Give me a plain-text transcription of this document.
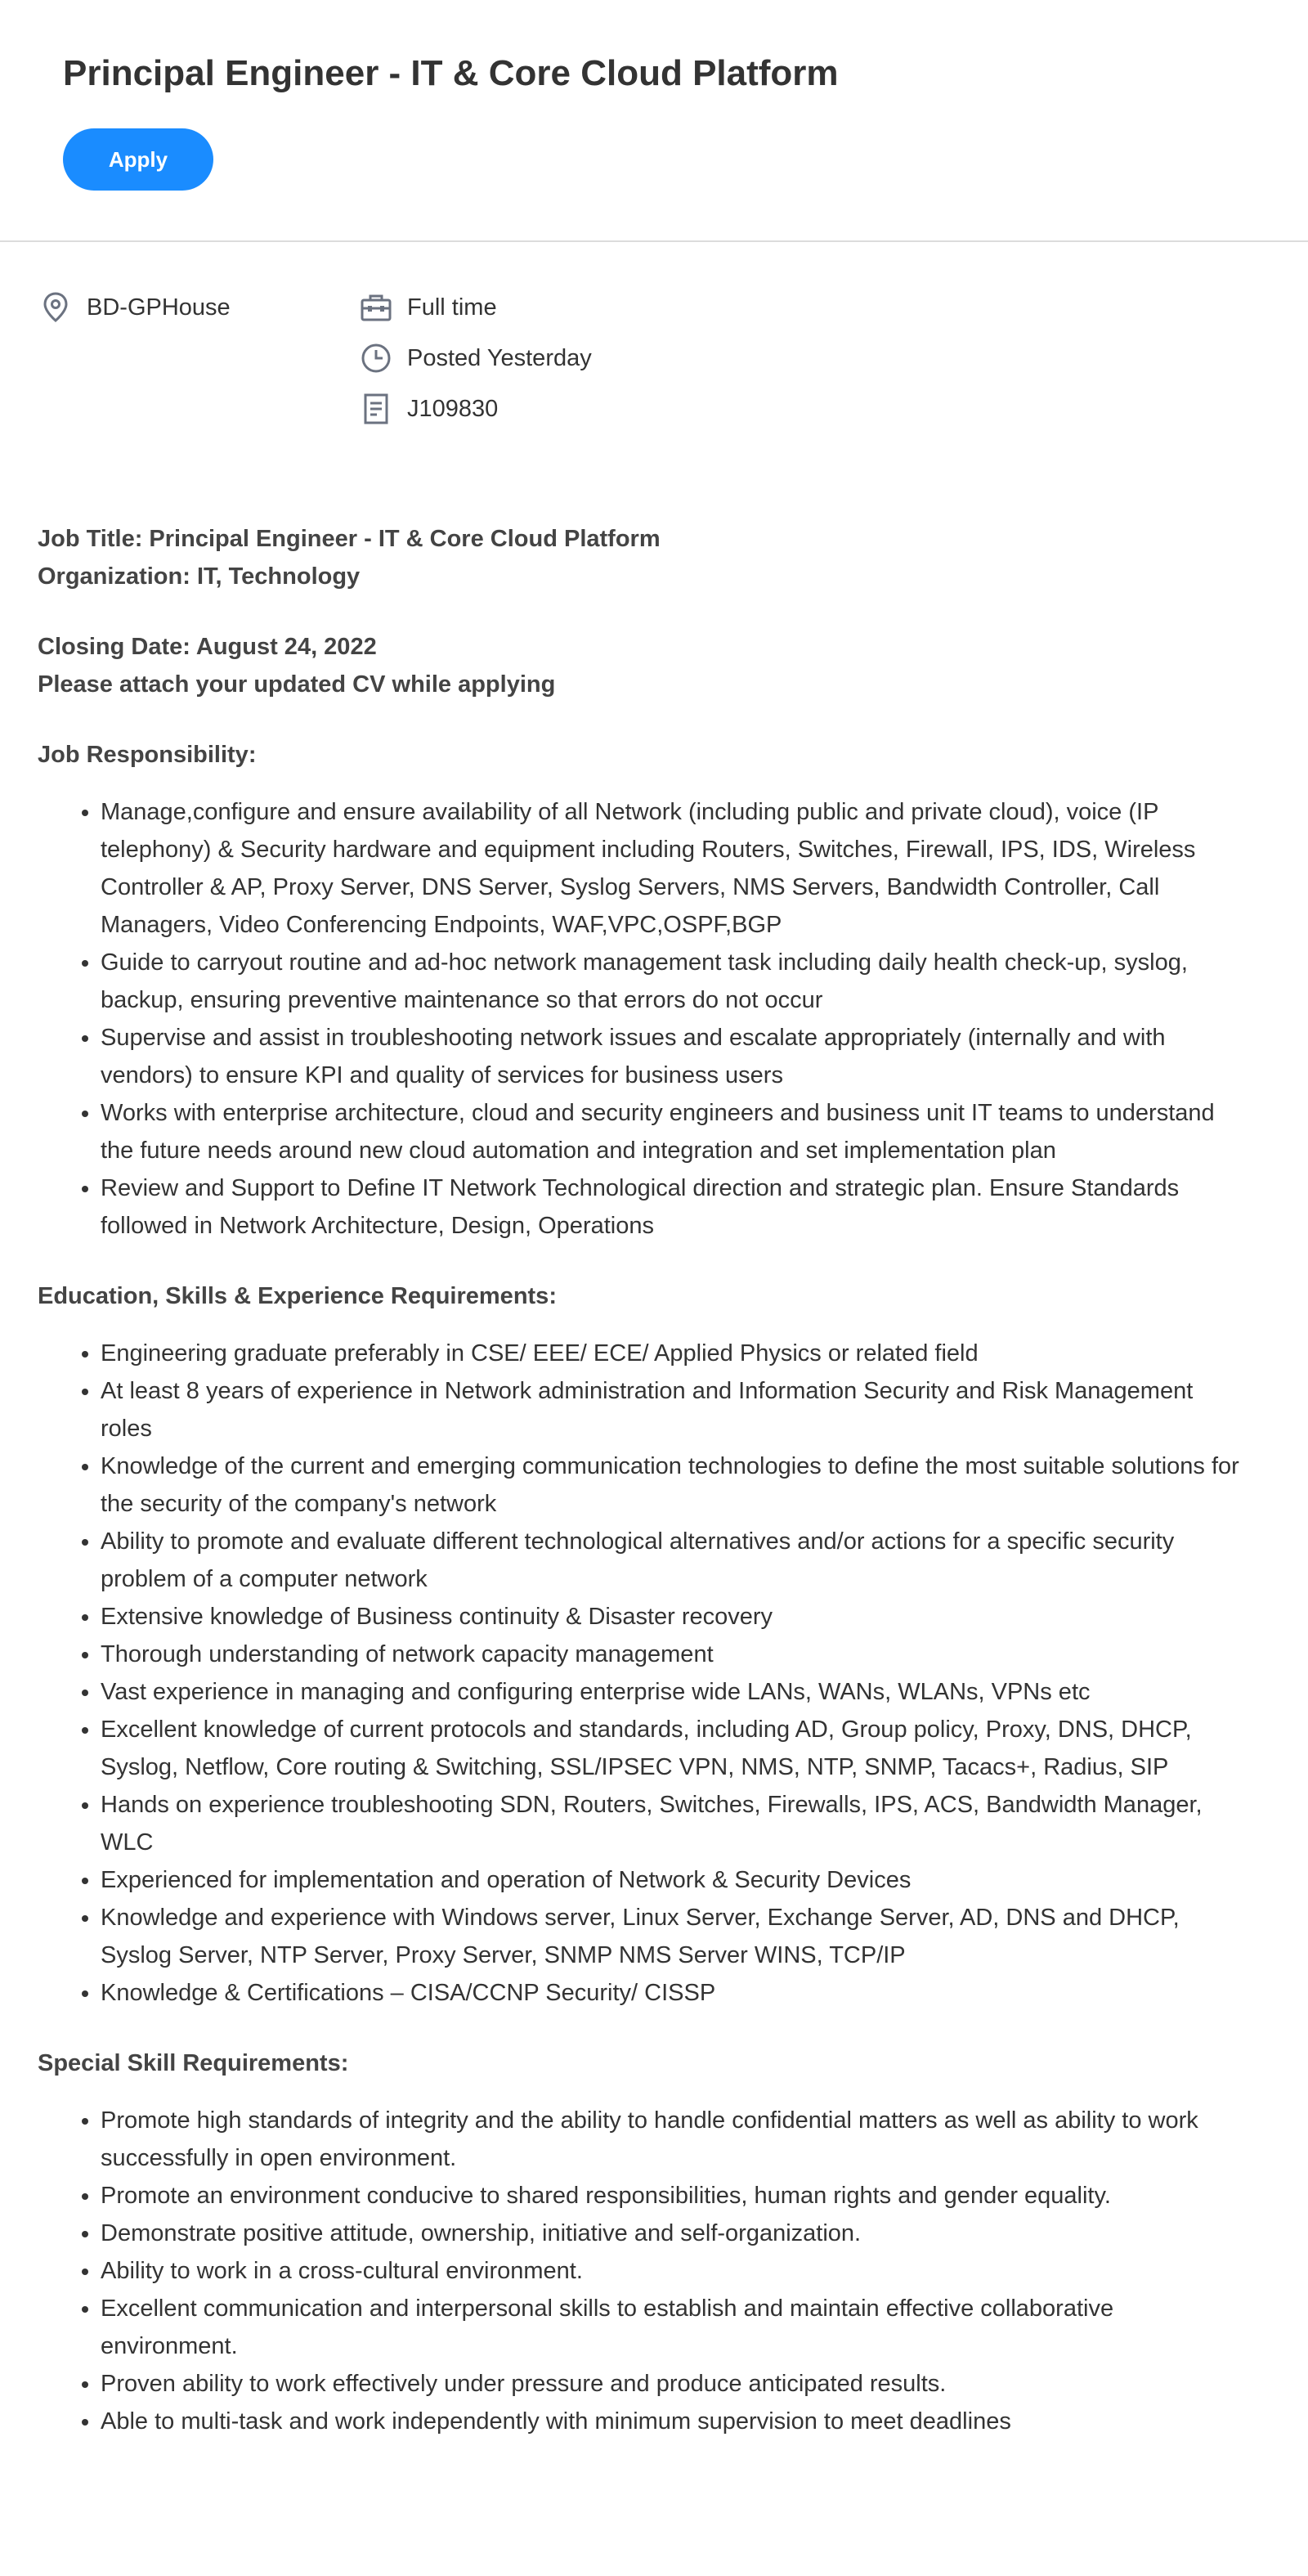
Principal Engineer - IT & Core Cloud Platform
Apply
BD-GPHouse	Full time
Posted Yesterday
J109830

Job Title: Principal Engineer - IT & Core Cloud Platform

Organization: IT, Technology

Closing Date: August 24, 2022

Please attach your updated CV while applying

Job Responsibility:

• Manage,configure and ensure availability of all Network (including public and private cloud), voice (IP telephony) & Security hardware and equipment including Routers, Switches, Firewall, IPS, IDS, Wireless Controller & AP, Proxy Server, DNS Server, Syslog Servers, NMS Servers, Bandwidth Controller, Call Managers, Video Conferencing Endpoints, WAF,VPC,OSPF,BGP
• Guide to carryout routine and ad-hoc network management task including daily health check-up, syslog, backup, ensuring preventive maintenance so that errors do not occur
• Supervise and assist in troubleshooting network issues and escalate appropriately (internally and with vendors) to ensure KPI and quality of services for business users
• Works with enterprise architecture, cloud and security engineers and business unit IT teams to understand the future needs around new cloud automation and integration and set implementation plan
• Review and Support to Define IT Network Technological direction and strategic plan. Ensure Standards followed in Network Architecture, Design, Operations

Education, Skills & Experience Requirements:

• Engineering graduate preferably in CSE/ EEE/ ECE/ Applied Physics or related field
• At least 8 years of experience in Network administration and Information Security and Risk Management roles
• Knowledge of the current and emerging communication technologies to define the most suitable solutions for the security of the company's network
• Ability to promote and evaluate different technological alternatives and/or actions for a specific security problem of a computer network
• Extensive knowledge of Business continuity & Disaster recovery
• Thorough understanding of network capacity management
• Vast experience in managing and configuring enterprise wide LANs, WANs, WLANs, VPNs etc
• Excellent knowledge of current protocols and standards, including AD, Group policy, Proxy, DNS, DHCP, Syslog, Netflow, Core routing & Switching, SSL/IPSEC VPN, NMS, NTP, SNMP, Tacacs+, Radius, SIP
• Hands on experience troubleshooting SDN, Routers, Switches, Firewalls, IPS, ACS, Bandwidth Manager, WLC
• Experienced for implementation and operation of Network & Security Devices
• Knowledge and experience with Windows server, Linux Server, Exchange Server, AD, DNS and DHCP, Syslog Server, NTP Server, Proxy Server, SNMP NMS Server WINS, TCP/IP
• Knowledge & Certifications – CISA/CCNP Security/ CISSP

Special Skill Requirements:

• Promote high standards of integrity and the ability to handle confidential matters as well as ability to work successfully in open environment.
• Promote an environment conducive to shared responsibilities, human rights and gender equality.
• Demonstrate positive attitude, ownership, initiative and self-organization.
• Ability to work in a cross-cultural environment.
• Excellent communication and interpersonal skills to establish and maintain effective collaborative environment.
• Proven ability to work effectively under pressure and produce anticipated results.
• Able to multi-task and work independently with minimum supervision to meet deadlines
